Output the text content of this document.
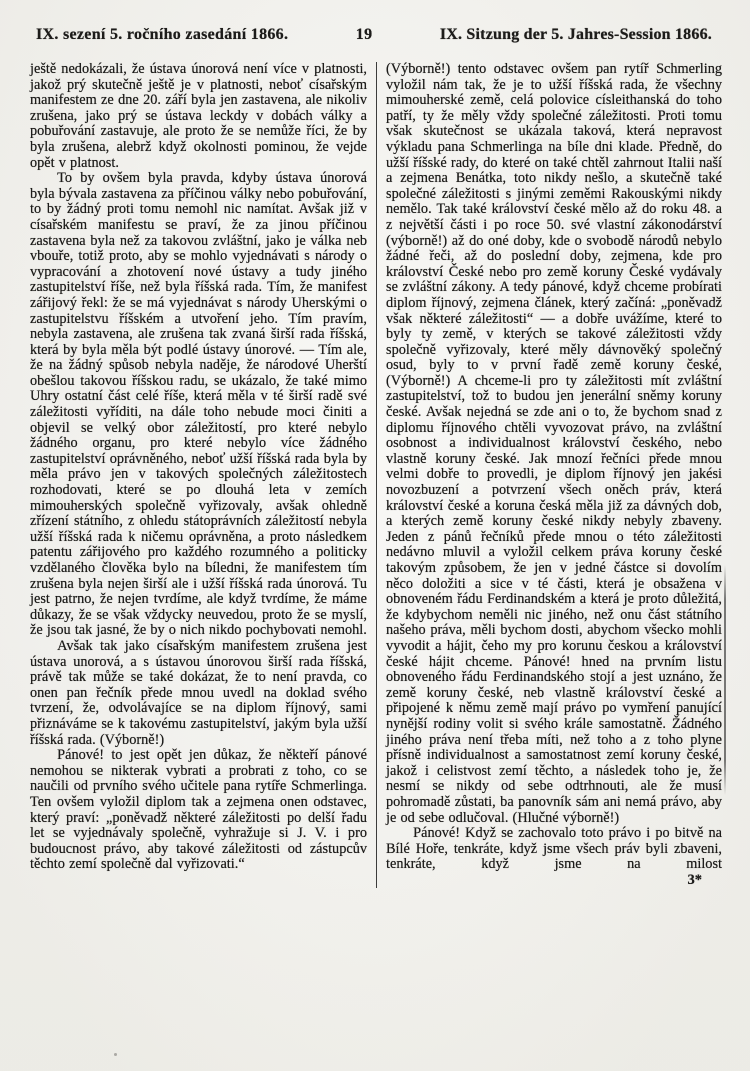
IX. sezení 5. ročního zasedání 1866.	19	IX. Sitzung der 5. Jahres-Session 1866.

ještě nedokázali, že ústava únorová není více v platnosti, jakož prý skutečně ještě je v platnosti, neboť císařským manifestem ze dne 20. září byla jen zastavena, ale nikoliv zrušena, jako prý se ústava leckdy v dobách války a pobuřování zastavuje, ale proto že se nemůže říci, že by byla zrušena, alebrž když okolnosti pominou, že vejde opět v platnost.

To by ovšem byla pravda, kdyby ústava únorová byla bývala zastavena za příčinou války nebo pobuřování, to by žádný proti tomu nemohl nic namítat. Avšak již v císařském manifestu se praví, že za jinou příčinou zastavena byla než za takovou zvláštní, jako je válka neb vbouře, totiž proto, aby se mohlo vyjednávati s národy o vypracování a zhotovení nové ústavy a tudy jiného zastupitelství říše, než byla říšská rada. Tím, že manifest zářijový řekl: že se má vyjednávat s národy Uherskými o zastupitelstvu říšském a utvoření jeho. Tím pravím, nebyla zastavena, ale zrušena tak zvaná širší rada říšská, která by byla měla být podlé ústavy únorové. — Tím ale, že na žádný spůsob nebyla naděje, že národové Uherští obešlou takovou říšskou radu, se ukázalo, že také mimo Uhry ostatní část celé říše, která měla v té širší radě své záležitosti vyříditi, na dále toho nebude moci činiti a objevil se velký obor záležitostí, pro které nebylo žádného organu, pro které nebylo více žádného zastupitelství oprávněného, neboť užší říšská rada byla by měla právo jen v takových společných záležitostech rozhodovati, které se po dlouhá leta v zemích mimouherských společně vyřizovaly, avšak ohledně zřízení státního, z ohledu státoprávních záležitostí nebyla užší říšská rada k ničemu oprávněna, a proto následkem patentu zářijového pro každého rozumného a politicky vzdělaného člověka bylo na bíledni, že manifestem tím zrušena byla nejen širší ale i užší říšská rada únorová. Tu jest patrno, že nejen tvrdíme, ale když tvrdíme, že máme důkazy, že se však vždycky neuvedou, proto že se myslí, že jsou tak jasné, že by o nich nikdo pochybovati nemohl.

Avšak tak jako císařským manifestem zrušena jest ústava unorová, a s ústavou únorovou širší rada říšská, právě tak může se také dokázat, že to není pravda, co onen pan řečník přede mnou uvedl na doklad svého tvrzení, že, odvolávajíce se na diplom říjnový, sami přiznáváme se k takovému zastupitelství, jakým byla užší říšská rada. (Výborně!)

Pánové! to jest opět jen důkaz, že někteří pánové nemohou se nikterak vybrati a probrati z toho, co se naučili od prvního svého učitele pana rytíře Schmerlinga. Ten ovšem vyložil diplom tak a zejmena onen odstavec, který praví: „poněvadž některé záležitosti po delší řadu let se vyjednávaly společně, vyhražuje si J. V. i pro budoucnost právo, aby takové záležitosti od zástupcův těchto zemí společně dal vyřizovati.“

(Výborně!) tento odstavec ovšem pan rytíř Schmerling vyložil nám tak, že je to užší říšská rada, že všechny mimouherské země, celá polovice císleithanská do toho patří, ty že měly vždy společné záležitosti. Proti tomu však skutečnost se ukázala taková, která nepravost výkladu pana Schmerlinga na bíle dni klade. Předně, do užší říšské rady, do které on také chtěl zahrnout Italii naší a zejmena Benátka, toto nikdy nešlo, a skutečně také společné záležitosti s jinými zeměmi Rakouskými nikdy nemělo. Tak také království české mělo až do roku 48. a z největší části i po roce 50. své vlastní zákonodárství (výborně!) až do oné doby, kde o svobodě národů nebylo žádné řeči, až do poslední doby, zejmena, kde pro království České nebo pro země koruny České vydávaly se zvláštní zákony. A tedy pánové, když chceme probírati diplom říjnový, zejmena článek, který začíná: „poněvadž však některé záležitosti“ — a dobře uvážíme, které to byly ty země, v kterých se takové záležitosti vždy společně vyřizovaly, které měly dávnověký společný osud, byly to v první řadě země koruny české, (Výborně!) A chceme-li pro ty záležitosti mít zvláštní zastupitelství, tož to budou jen jenerální sněmy koruny české. Avšak nejedná se zde ani o to, že bychom snad z diplomu říjnového chtěli vyvozovat právo, na zvláštní osobnost a individualnost království českého, nebo vlastně koruny české. Jak mnozí řečníci přede mnou velmi dobře to provedli, je diplom říjnový jen jakési novozbuzení a potvrzení všech oněch práv, která království české a koruna česká měla již za dávných dob, a kterých země koruny české nikdy nebyly zbaveny. Jeden z pánů řečníků přede mnou o této záležitosti nedávno mluvil a vyložil celkem práva koruny české takovým způsobem, že jen v jedné částce si dovolím něco doložiti a sice v té části, která je obsažena v obnoveném řádu Ferdinandském a která je proto důležitá, že kdybychom neměli nic jiného, než onu část státního našeho práva, měli bychom dosti, abychom všecko mohli vyvodit a hájit, čeho my pro korunu českou a království české hájit chceme. Pánové! hned na prvním listu obnoveného řádu Ferdinandského stojí a jest uznáno, že země koruny české, neb vlastně království české a připojené k němu země mají právo po vymření panující nynější rodiny volit si svého krále samostatně. Žádného jiného práva není třeba míti, než toho a z toho plyne přísně individualnost a samostatnost zemí koruny české, jakož i celistvost zemí těchto, a následek toho je, že nesmí se nikdy od sebe odtrhnouti, ale že musí pohromadě zůstati, ba panovník sám ani nemá právo, aby je od sebe odlučoval. (Hlučné výborně!)

Pánové! Když se zachovalo toto právo i po bitvě na Bílé Hoře, tenkráte, když jsme všech práv byli zbaveni, tenkráte, když jsme na milost

3*
